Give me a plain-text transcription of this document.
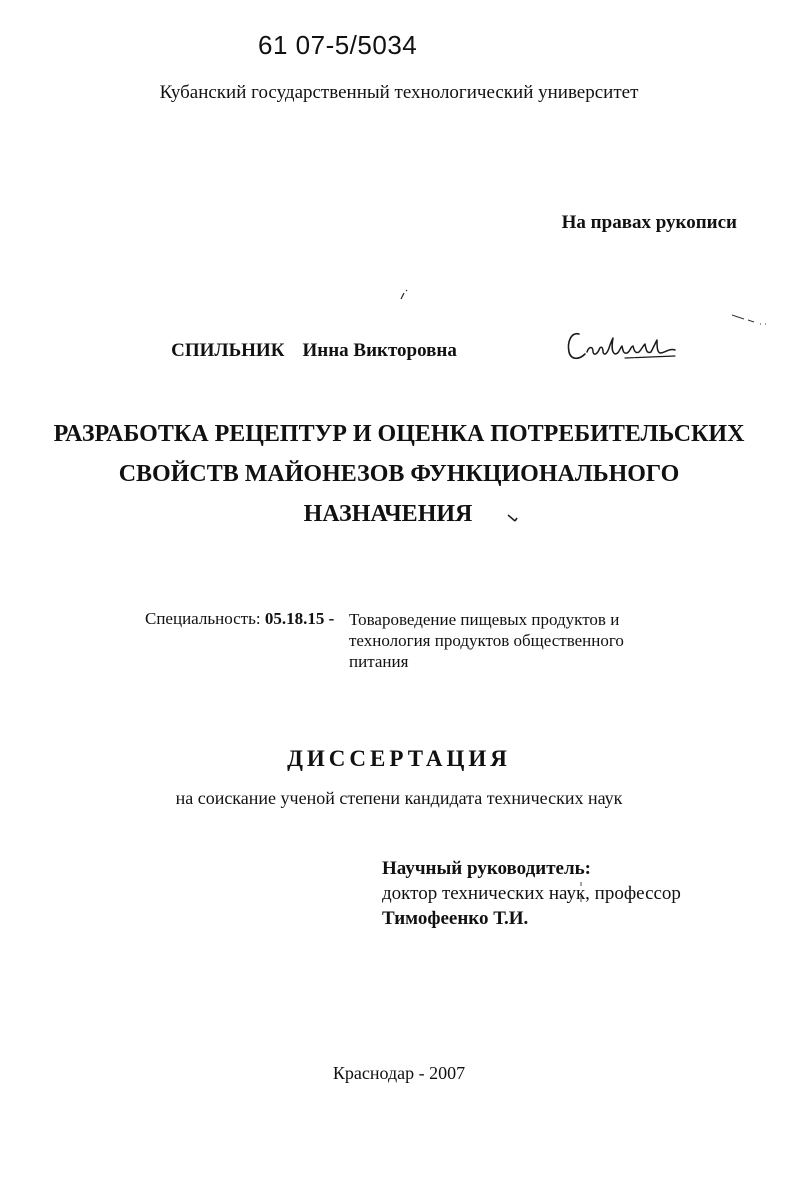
61 07-5/5034
Кубанский государственный технологический университет
На правах рукописи
СПИЛЬНИК Инна Викторовна
РАЗРАБОТКА РЕЦЕПТУР И ОЦЕНКА ПОТРЕБИТЕЛЬСКИХ
СВОЙСТВ МАЙОНЕЗОВ ФУНКЦИОНАЛЬНОГО
НАЗНАЧЕНИЯ
Специальность: 05.18.15 - Товароведение пищевых продуктов и
технология продуктов общественного
питания
ДИССЕРТАЦИЯ
на соискание ученой степени кандидата технических наук
Научный руководитель:
доктор технических наук, профессор
Тимофеенко Т.И.
Краснодар - 2007
